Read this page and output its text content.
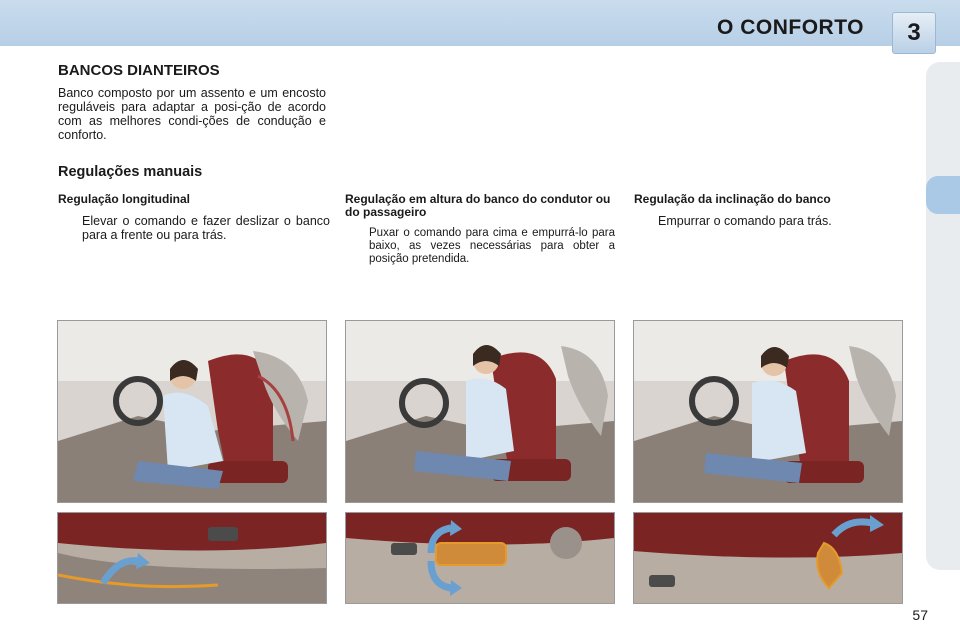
O CONFORTO	3
BANCOS DIANTEIROS
Banco composto por um assento e um encosto reguláveis para adaptar a posi-ção de acordo com as melhores condi-ções de condução e conforto.
Regulações manuais
Regulação longitudinal
Elevar o comando e fazer deslizar o banco para a frente ou para trás.
Regulação em altura do banco do condutor ou do passageiro
Puxar o comando para cima e empurrá-lo para baixo, as vezes necessárias para obter a posição pretendida.
Regulação da inclinação do banco
Empurrar o comando para trás.
57
